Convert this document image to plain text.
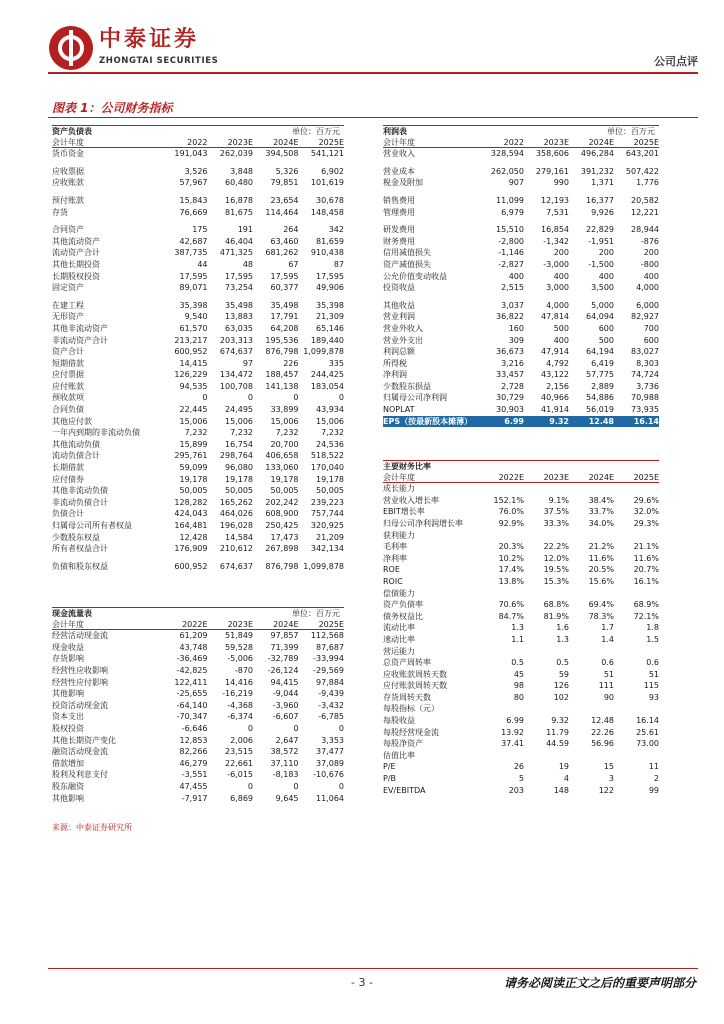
中泰证券
ZHONGTAI SECURITIES	公司点评
图表 1：公司财务指标
资产负债表	单位：百万元
会计年度	2022	2023E	2024E	2025E
货币资金	191,043	262,039	394,508	541,121
应收票据	3,526	3,848	5,326	6,902
应收账款	57,967	60,480	79,851	101,619
预付账款	15,843	16,878	23,654	30,678
存货	76,669	81,675	114,464	148,458
合同资产	175	191	264	342
其他流动资产	42,687	46,404	63,460	81,659
流动资产合计	387,735	471,325	681,262	910,438
其他长期投资	44	48	67	87
长期股权投资	17,595	17,595	17,595	17,595
固定资产	89,071	73,254	60,377	49,906
在建工程	35,398	35,498	35,498	35,398
无形资产	9,540	13,883	17,791	21,309
其他非流动资产	61,570	63,035	64,208	65,146
非流动资产合计	213,217	203,313	195,536	189,440
资产合计	600,952	674,637	876,798 1,099,878
短期借款	14,415	97	226	335
应付票据	126,229	134,472	188,457	244,425
应付账款	94,535	100,708	141,138	183,054
预收款项	0	0	0	0
合同负债	22,445	24,495	33,899	43,934
其他应付款	15,006	15,006	15,006	15,006
一年内到期的非流动负债	7,232	7,232	7,232	7,232
其他流动负债	15,899	16,754	20,700	24,536
流动负债合计	295,761	298,764	406,658	518,522
长期借款	59,099	96,080	133,060	170,040
应付债券	19,178	19,178	19,178	19,178
其他非流动负债	50,005	50,005	50,005	50,005
非流动负债合计	128,282	165,262	202,242	239,223
负债合计	424,043	464,026	608,900	757,744
归属母公司所有者权益	164,481	196,028	250,425	320,925
少数股东权益	12,428	14,584	17,473	21,209
所有者权益合计	176,909	210,612	267,898	342,134
负债和股东权益	600,952	674,637	876,798 1,099,878
现金流量表	单位：百万元
会计年度	2022E	2023E	2024E	2025E
经营活动现金流	61,209	51,849	97,857	112,568
现金收益	43,748	59,528	71,399	87,687
存货影响	-36,469	-5,006	-32,789	-33,994
经营性应收影响	-42,825	-870	-26,124	-29,569
经营性应付影响	122,411	14,416	94,415	97,884
其他影响	-25,655	-16,219	-9,044	-9,439
投资活动现金流	-64,140	-4,368	-3,960	-3,432
资本支出	-70,347	-6,374	-6,607	-6,785
股权投资	-6,646	0	0	0
其他长期资产变化	12,853	2,006	2,647	3,353
融资活动现金流	82,266	23,515	38,572	37,477
借款增加	46,279	22,661	37,110	37,089
股利及利息支付	-3,551	-6,015	-8,183	-10,676
股东融资	47,455	0	0	0
其他影响	-7,917	6,869	9,645	11,064
利润表	单位：百万元
会计年度	2022	2023E	2024E	2025E
营业收入	328,594	358,606	496,284	643,201
营业成本	262,050	279,161	391,232	507,422
税金及附加	907	990	1,371	1,776
销售费用	11,099	12,193	16,377	20,582
管理费用	6,979	7,531	9,926	12,221
研发费用	15,510	16,854	22,829	28,944
财务费用	-2,800	-1,342	-1,951	-876
信用减值损失	-1,146	200	200	200
资产减值损失	-2,827	-3,000	-1,500	-800
公允价值变动收益	400	400	400	400
投资收益	2,515	3,000	3,500	4,000
其他收益	3,037	4,000	5,000	6,000
营业利润	36,822	47,814	64,094	82,927
营业外收入	160	500	600	700
营业外支出	309	400	500	600
利润总额	36,673	47,914	64,194	83,027
所得税	3,216	4,792	6,419	8,303
净利润	33,457	43,122	57,775	74,724
少数股东损益	2,728	2,156	2,889	3,736
归属母公司净利润	30,729	40,966	54,886	70,988
NOPLAT	30,903	41,914	56,019	73,935
EPS（按最新股本摊薄）	6.99	9.32	12.48	16.14
主要财务比率
会计年度	2022E	2023E	2024E	2025E
成长能力
营业收入增长率	152.1%	9.1%	38.4%	29.6%
EBIT增长率	76.0%	37.5%	33.7%	32.0%
归母公司净利润增长率	92.9%	33.3%	34.0%	29.3%
获利能力
毛利率	20.3%	22.2%	21.2%	21.1%
净利率	10.2%	12.0%	11.6%	11.6%
ROE	17.4%	19.5%	20.5%	20.7%
ROIC	13.8%	15.3%	15.6%	16.1%
偿债能力
资产负债率	70.6%	68.8%	69.4%	68.9%
债务权益比	84.7%	81.9%	78.3%	72.1%
流动比率	1.3	1.6	1.7	1.8
速动比率	1.1	1.3	1.4	1.5
营运能力
总资产周转率	0.5	0.5	0.6	0.6
应收账款周转天数	45	59	51	51
应付账款周转天数	98	126	111	115
存货周转天数	80	102	90	93
每股指标（元）
每股收益	6.99	9.32	12.48	16.14
每股经营现金流	13.92	11.79	22.26	25.61
每股净资产	37.41	44.59	56.96	73.00
估值比率
P/E	26	19	15	11
P/B	5	4	3	2
EV/EBITDA	203	148	122	99
来源：中泰证券研究所
- 3 -	请务必阅读正文之后的重要声明部分
